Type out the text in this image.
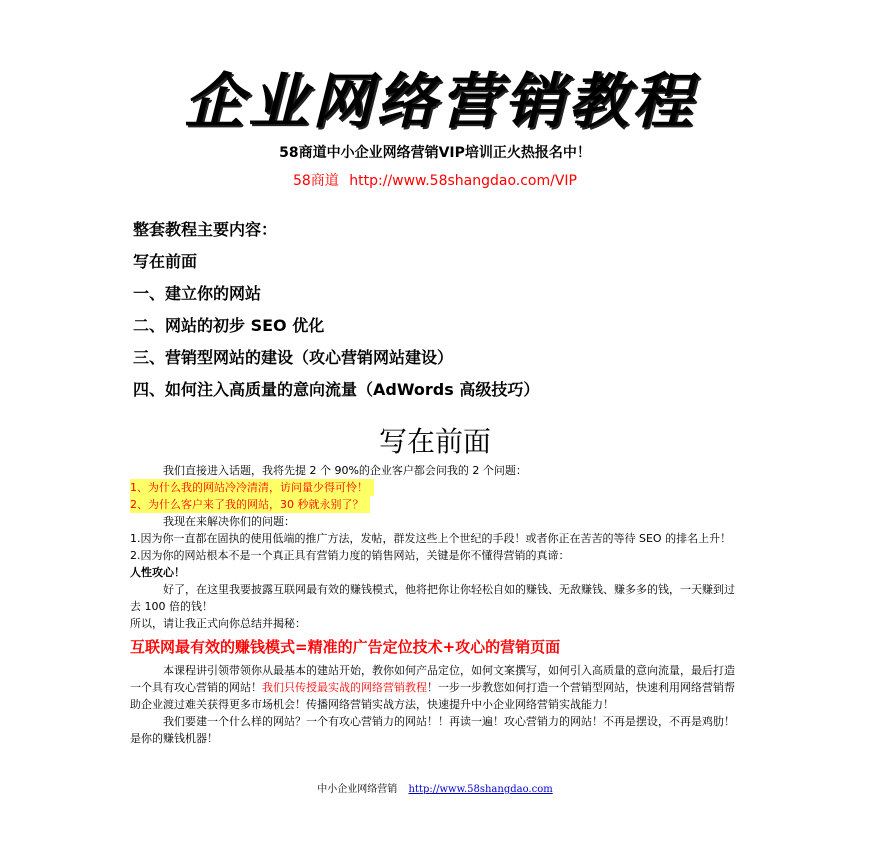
企业网络营销教程
58商道中小企业网络营销VIP培训正火热报名中！
58商道 http://www.58shangdao.com/VIP
整套教程主要内容：
写在前面
一、建立你的网站
二、网站的初步 SEO 优化
三、营销型网站的建设（攻心营销网站建设）
四、如何注入高质量的意向流量（AdWords 高级技巧）
写在前面

我们直接进入话题，我将先提 2 个 90%的企业客户都会问我的 2 个问题：

1、为什么我的网站冷冷清清，访问量少得可怜！

2、为什么客户来了我的网站，30 秒就永别了？

我现在来解决你们的问题：

1.因为你一直都在固执的使用低端的推广方法，发帖，群发这些上个世纪的手段！或者你正在苦苦的等待 SEO 的排名上升！

2.因为你的网站根本不是一个真正具有营销力度的销售网站，关键是你不懂得营销的真谛：

人性攻心！

好了，在这里我要披露互联网最有效的赚钱模式，他将把你让你轻松自如的赚钱、无敌赚钱、赚多多的钱，一天赚到过去 100 倍的钱！

所以，请让我正式向你总结并揭秘：

互联网最有效的赚钱模式=精准的广告定位技术+攻心的营销页面

本课程讲引领带领你从最基本的建站开始，教你如何产品定位，如何文案撰写，如何引入高质量的意向流量，最后打造一个具有攻心营销的网站！我们只传授最实战的网络营销教程！一步一步教您如何打造一个营销型网站，快速利用网络营销帮助企业渡过难关获得更多市场机会！传播网络营销实战方法，快速提升中小企业网络营销实战能力！

我们要建一个什么样的网站？一个有攻心营销力的网站！！再读一遍！攻心营销力的网站！不再是摆设，不再是鸡肋！是你的赚钱机器！

中小企业网络营销 http://www.58shangdao.com
